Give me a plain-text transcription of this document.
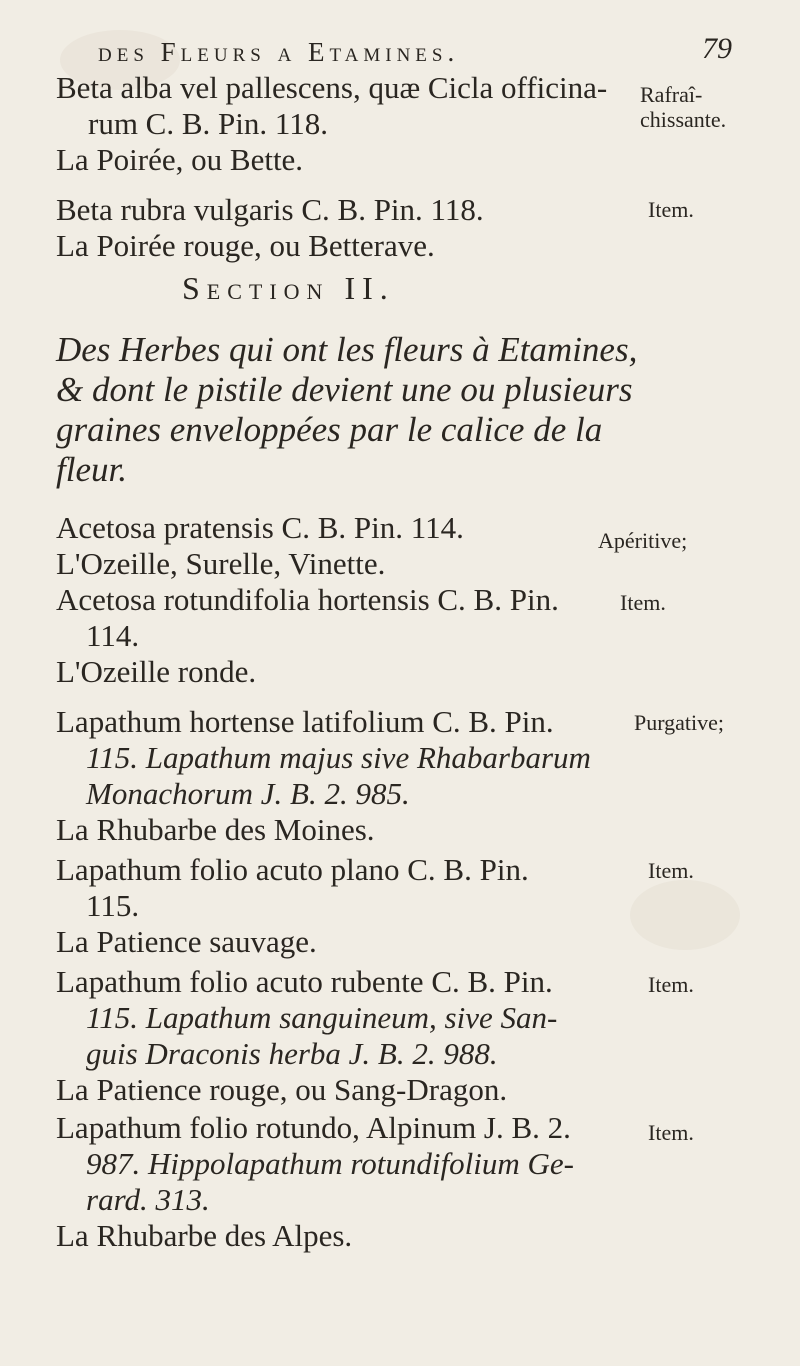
des Fleurs a Etamines.	79
Beta alba vel pallescens, quæ Cicla officina-
rum C. B. Pin. 118.
La Poirée, ou Bette.
Rafraî-
chissante.
Beta rubra vulgaris C. B. Pin. 118.
La Poirée rouge, ou Betterave.
Item.
Section II.
Des Herbes qui ont les fleurs à Etamines,
& dont le pistile devient une ou plusieurs
graines enveloppées par le calice de la
fleur.
Acetosa pratensis C. B. Pin. 114.
L'Ozeille, Surelle, Vinette.
Apéritive;
Acetosa rotundifolia hortensis C. B. Pin.
114.
L'Ozeille ronde.
Item.
Lapathum hortense latifolium C. B. Pin.
115. Lapathum majus sive Rhabarbarum
Monachorum J. B. 2. 985.
La Rhubarbe des Moines.
Purgative;
Lapathum folio acuto plano C. B. Pin.
115.
La Patience sauvage.
Item.
Lapathum folio acuto rubente C. B. Pin.
115. Lapathum sanguineum, sive San-
guis Draconis herba J. B. 2. 988.
La Patience rouge, ou Sang-Dragon.
Item.
Lapathum folio rotundo, Alpinum J. B. 2.
987. Hippolapathum rotundifolium Ge-
rard. 313.
La Rhubarbe des Alpes.
Item.
